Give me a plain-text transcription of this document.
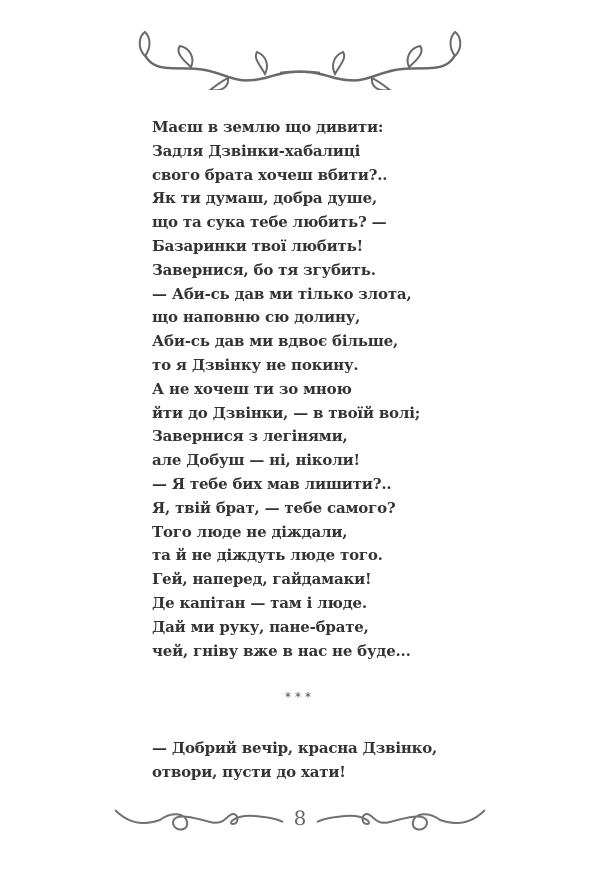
Маєш в землю що дивити:
Задля Дзвінки-хабалиці
свого брата хочеш вбити?..
Як ти думаш, добра душе,
що та сука тебе любить? —
Базаринки твої любить!
Завернися, бо тя згубить.
— Аби-сь дав ми тілько злота,
що наповню сю долину,
Аби-сь дав ми вдвоє більше,
то я Дзвінку не покину.
А не хочеш ти зо мною
йти до Дзвінки, — в твоїй волі;
Завернися з легінями,
але Добуш — ні, ніколи!
— Я тебе бих мав лишити?..
Я, твій брат, — тебе самого?
Того люде не діждали,
та й не діждуть люде того.
Гей, наперед, гайдамаки!
Де капітан — там і люде.
Дай ми руку, пане-брате,
чей, гніву вже в нас не буде...
***
— Добрий вечір, красна Дзвінко,
отвори, пусти до хати!
8
